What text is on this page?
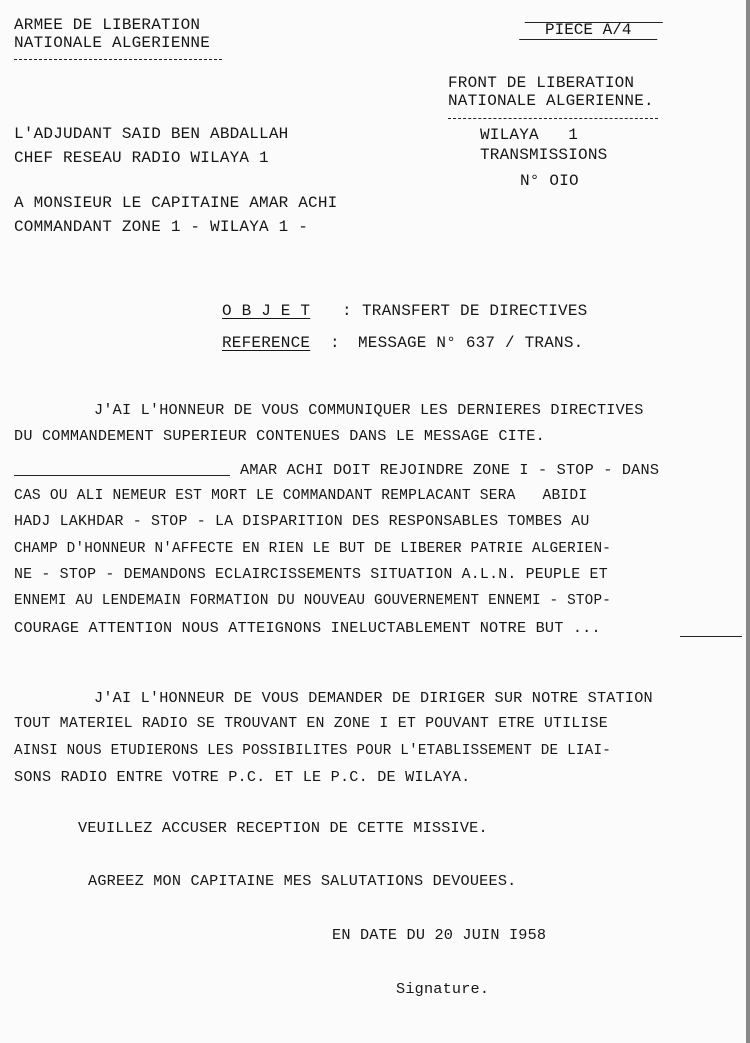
ARMEE DE LIBERATION
NATIONALE ALGERIENNE
PIECE A/4
FRONT DE LIBERATION
NATIONALE ALGERIENNE.
WILAYA   1
TRANSMISSIONS
N° OIO
L'ADJUDANT SAID BEN ABDALLAH
CHEF RESEAU RADIO WILAYA 1
A MONSIEUR LE CAPITAINE AMAR ACHI
COMMANDANT ZONE 1 - WILAYA 1 -
O B J E T : TRANSFERT DE DIRECTIVES
REFERENCE : MESSAGE N° 637 / TRANS.
J'AI L'HONNEUR DE VOUS COMMUNIQUER LES DERNIERES DIRECTIVES
DU COMMANDEMENT SUPERIEUR CONTENUES DANS LE MESSAGE CITE.
AMAR ACHI DOIT REJOINDRE ZONE I - STOP - DANS
CAS OU ALI NEMEUR EST MORT LE COMMANDANT REMPLACANT SERA   ABIDI
HADJ LAKHDAR - STOP - LA DISPARITION DES RESPONSABLES TOMBES AU
CHAMP D'HONNEUR N'AFFECTE EN RIEN LE BUT DE LIBERER PATRIE ALGERIEN-
NE - STOP - DEMANDONS ECLAIRCISSEMENTS SITUATION A.L.N. PEUPLE ET
ENNEMI AU LENDEMAIN FORMATION DU NOUVEAU GOUVERNEMENT ENNEMI - STOP-
COURAGE ATTENTION NOUS ATTEIGNONS INELUCTABLEMENT NOTRE BUT ...
J'AI L'HONNEUR DE VOUS DEMANDER DE DIRIGER SUR NOTRE STATION
TOUT MATERIEL RADIO SE TROUVANT EN ZONE I ET POUVANT ETRE UTILISE
AINSI NOUS ETUDIERONS LES POSSIBILITES POUR L'ETABLISSEMENT DE LIAI-
SONS RADIO ENTRE VOTRE P.C. ET LE P.C. DE WILAYA.
VEUILLEZ ACCUSER RECEPTION DE CETTE MISSIVE.
AGREEZ MON CAPITAINE MES SALUTATIONS DEVOUEES.
EN DATE DU 20 JUIN I958
Signature.
